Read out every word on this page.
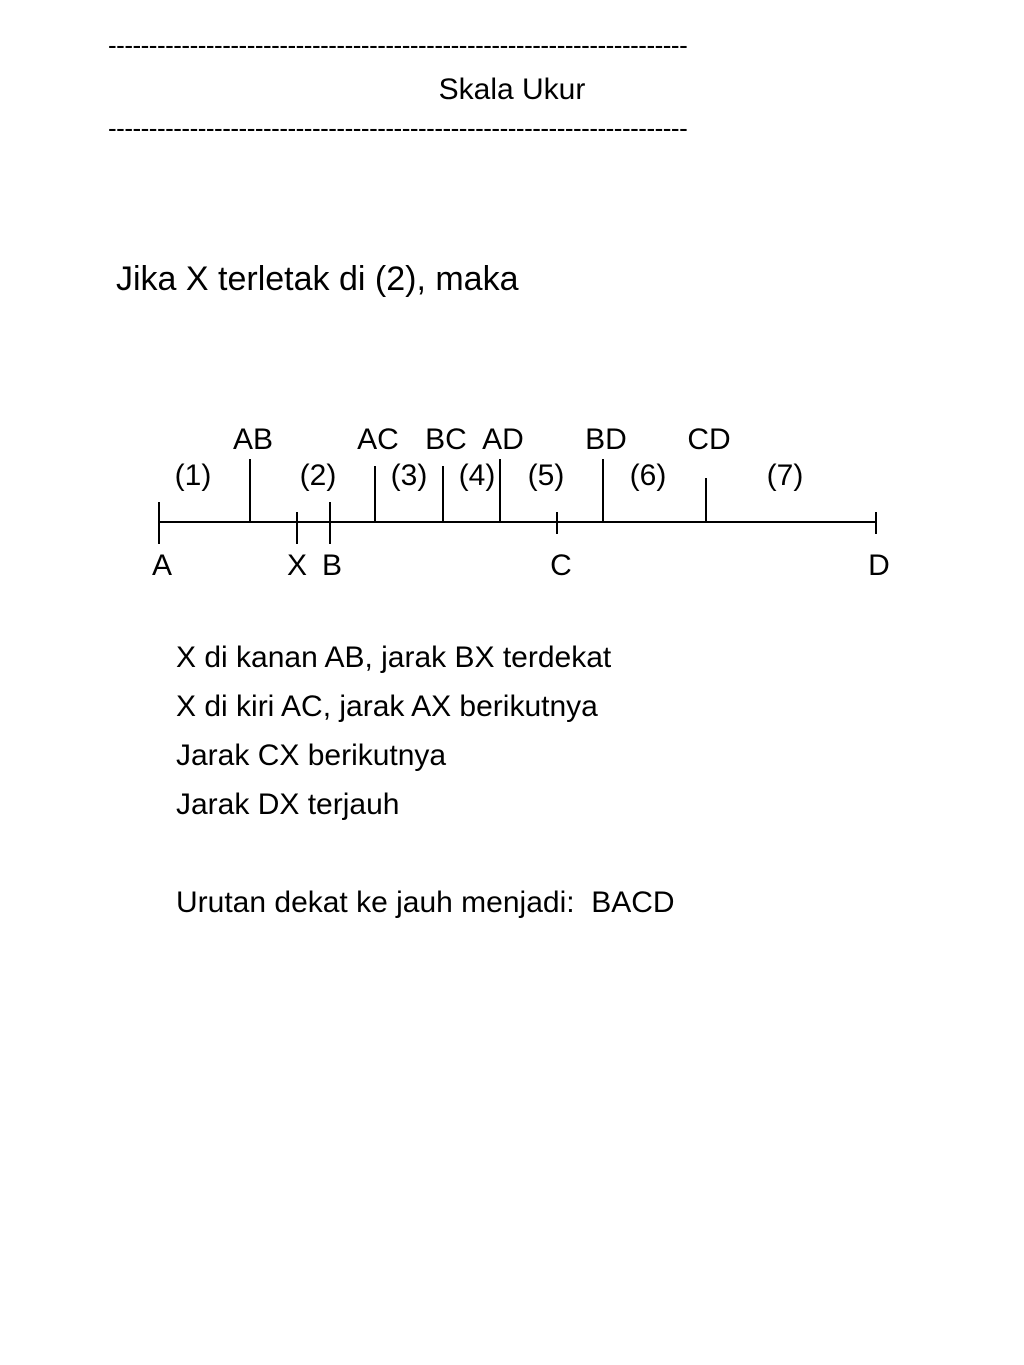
-----------------------------------------------------------------------
Skala Ukur
-----------------------------------------------------------------------
Jika X terletak di (2), maka
AB	AC BC AD BD CD
(1)	(2) (3) (4) (5) (6)	(7)
A	X B	C	D
X di kanan AB, jarak BX terdekat
X di kiri AC, jarak AX berikutnya
Jarak CX berikutnya
Jarak DX terjauh
Urutan dekat ke jauh menjadi: BACD
